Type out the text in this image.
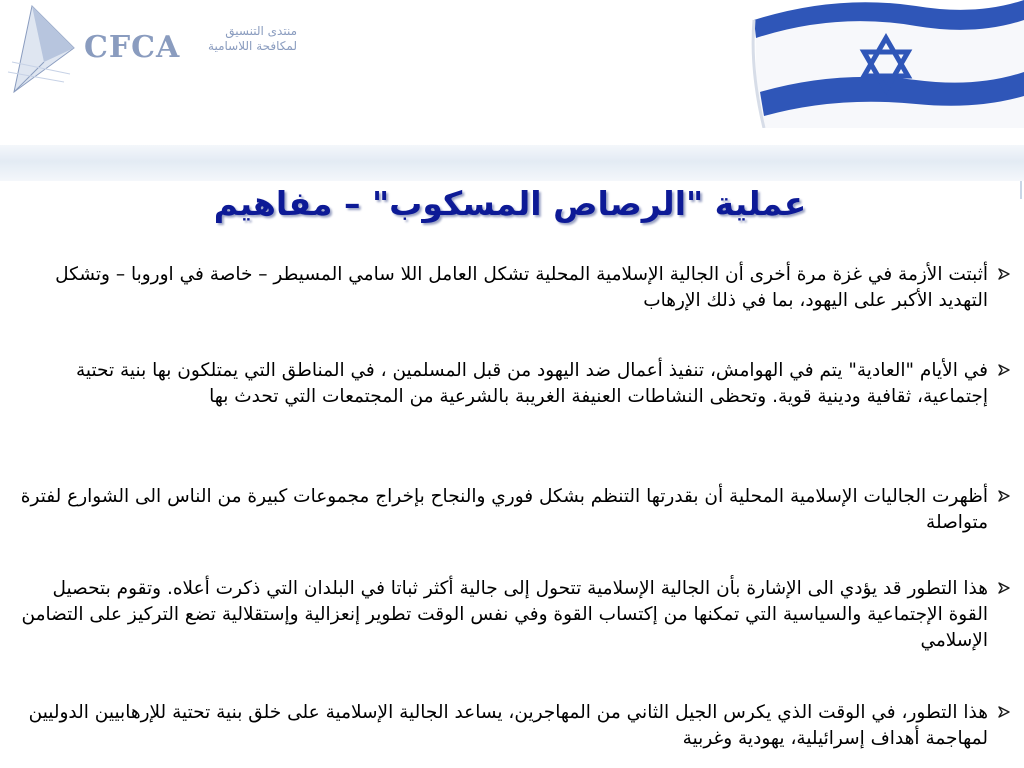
CFCA	منتدى التنسيق
لمكافحة اللاسامية
عملية "الرصاص المسكوب" – مفاهيم
أثبتت الأزمة في غزة مرة أخرى أن الجالية الإسلامية المحلية تشكل العامل اللا سامي المسيطر – خاصة في اوروبا – وتشكل التهديد الأكبر على اليهود، بما في ذلك الإرهاب
في الأيام "العادية" يتم في الهوامش، تنفيذ أعمال ضد اليهود من قبل المسلمين ، في المناطق التي يمتلكون بها بنية تحتية إجتماعية، ثقافية ودينية قوية. وتحظى النشاطات العنيفة الغريبة بالشرعية من المجتمعات التي تحدث بها
أظهرت الجاليات الإسلامية المحلية أن بقدرتها التنظم بشكل فوري والنجاح بإخراج مجموعات كبيرة من الناس الى الشوارع لفترة متواصلة
هذا التطور قد يؤدي الى الإشارة بأن الجالية الإسلامية تتحول إلى جالية أكثر ثباتا في البلدان التي ذكرت أعلاه. وتقوم بتحصيل القوة الإجتماعية والسياسية التي تمكنها من إكتساب القوة وفي نفس الوقت تطوير إنعزالية وإستقلالية تضع التركيز على التضامن الإسلامي
هذا التطور، في الوقت الذي يكرس الجيل الثاني من المهاجرين، يساعد الجالية الإسلامية على خلق بنية تحتية للإرهابيين الدوليين لمهاجمة أهداف إسرائيلية، يهودية وغربية
